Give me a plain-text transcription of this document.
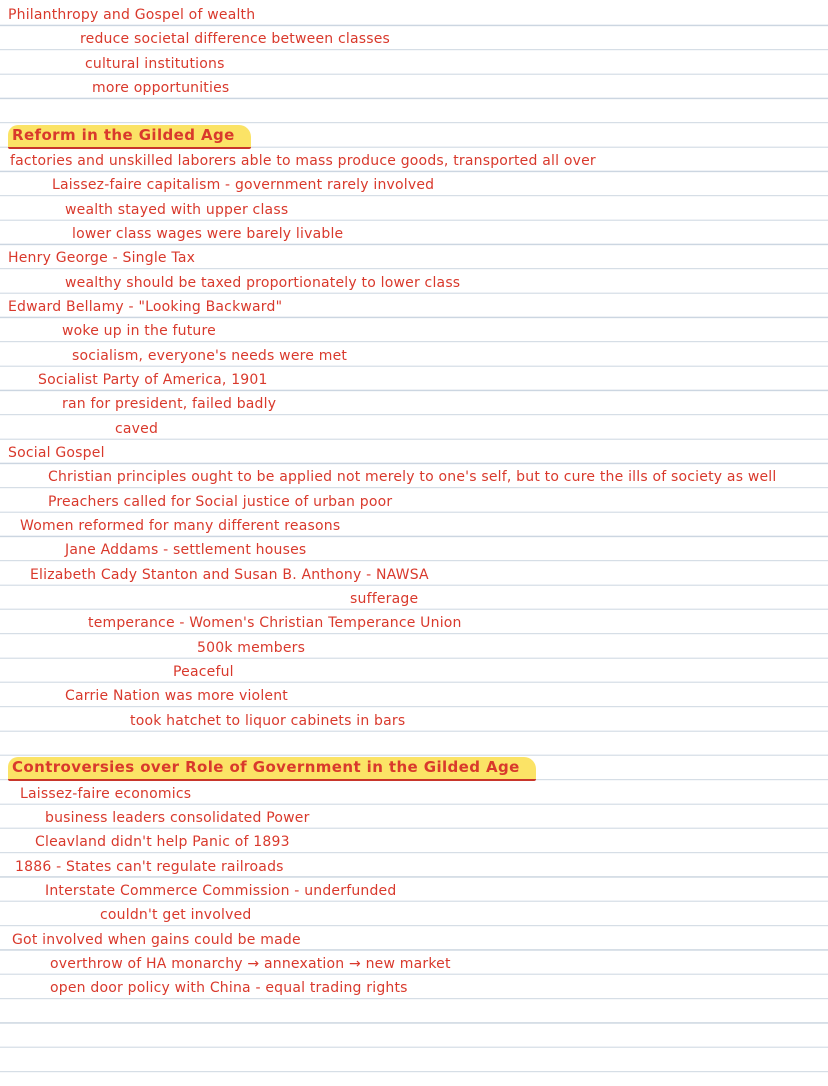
Philanthropy and Gospel of wealth
reduce societal difference between classes
cultural institutions
more opportunities
Reform in the Gilded Age
factories and unskilled laborers able to mass produce goods, transported all over
Laissez-faire capitalism - government rarely involved
wealth stayed with upper class
lower class wages were barely livable
Henry George - Single Tax
wealthy should be taxed proportionately to lower class
Edward Bellamy - "Looking Backward"
woke up in the future
socialism, everyone's needs were met
Socialist Party of America, 1901
ran for president, failed badly
caved
Social Gospel
Christian principles ought to be applied not merely to one's self, but to cure the ills of society as well
Preachers called for Social justice of urban poor
Women reformed for many different reasons
Jane Addams - settlement houses
Elizabeth Cady Stanton and Susan B. Anthony - NAWSA
sufferage
temperance - Women's Christian Temperance Union
500k members
Peaceful
Carrie Nation was more violent
took hatchet to liquor cabinets in bars
Controversies over Role of Government in the Gilded Age
Laissez-faire economics
business leaders consolidated Power
Cleavland didn't help Panic of 1893
1886 - States can't regulate railroads
Interstate Commerce Commission - underfunded
couldn't get involved
Got involved when gains could be made
overthrow of HA monarchy → annexation → new market
open door policy with China - equal trading rights
